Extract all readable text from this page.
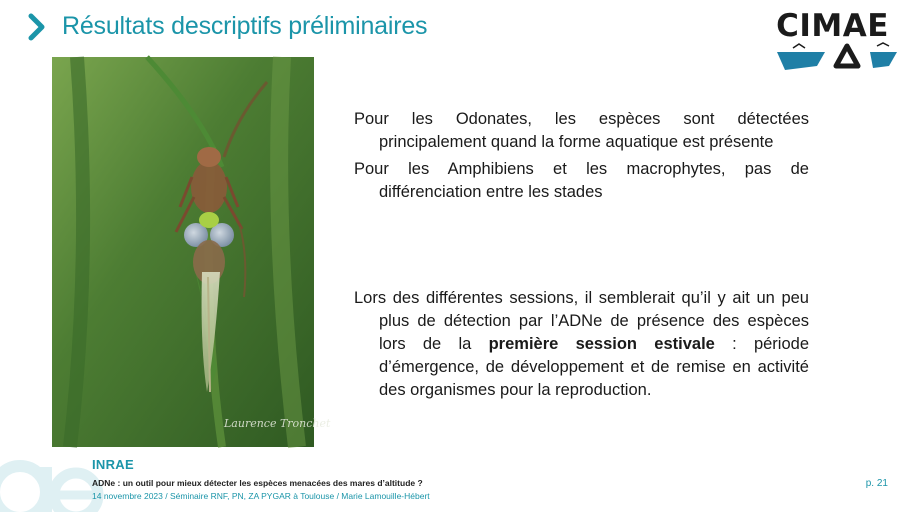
Résultats descriptifs préliminaires	CIMAE
Laurence Tronchet

Pour les Odonates, les espèces sont détectées principalement quand la forme aquatique est présente

Pour les Amphibiens et les macrophytes, pas de différenciation entre les stades

Lors des différentes sessions, il semblerait qu’il y ait un peu plus de détection par l’ADNe de présence des espèces lors de la première session estivale : période d’émergence, de développement et de remise en activité des organismes pour la reproduction.

INRAE
ADNe : un outil pour mieux détecter les espèces menacées des mares d’altitude ?
14 novembre 2023 / Séminaire RNF, PN, ZA PYGAR à Toulouse / Marie Lamouille-Hébert
p. 21
